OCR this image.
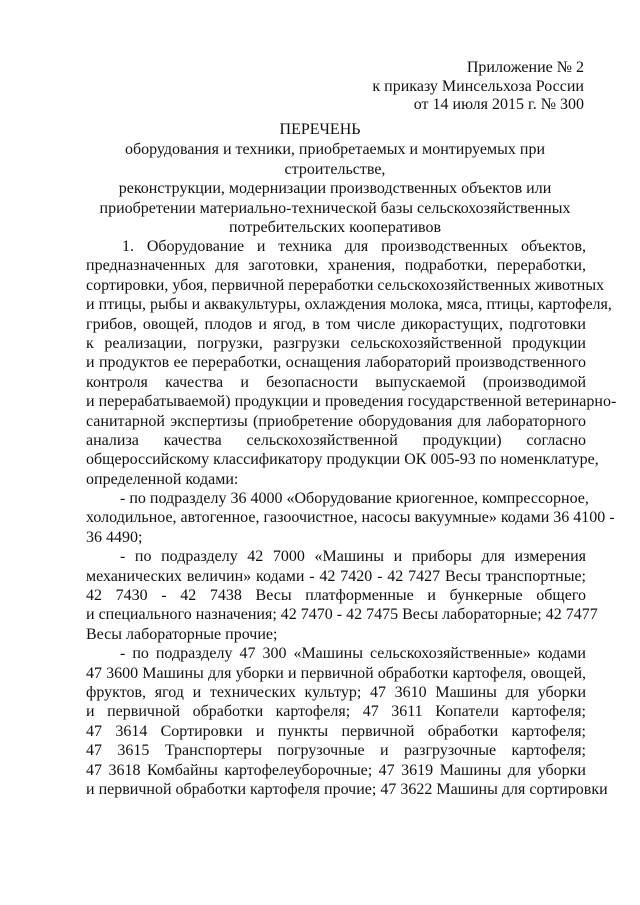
Приложение № 2
к приказу Минсельхоза России
от 14 июля 2015 г. № 300
ПЕРЕЧЕНЬ
оборудования и техники, приобретаемых и монтируемых при строительстве,
реконструкции, модернизации производственных объектов или
приобретении материально-технической базы сельскохозяйственных
потребительских кооперативов
1. Оборудование и техника для производственных объектов,
предназначенных для заготовки, хранения, подработки, переработки,
сортировки, убоя, первичной переработки сельскохозяйственных животных
и птицы, рыбы и аквакультуры, охлаждения молока, мяса, птицы, картофеля,
грибов, овощей, плодов и ягод, в том числе дикорастущих, подготовки
к реализации, погрузки, разгрузки сельскохозяйственной продукции
и продуктов ее переработки, оснащения лабораторий производственного
контроля качества и безопасности выпускаемой (производимой
и перерабатываемой) продукции и проведения государственной ветеринарно-
санитарной экспертизы (приобретение оборудования для лабораторного
анализа качества сельскохозяйственной продукции) согласно
общероссийскому классификатору продукции ОК 005-93 по номенклатуре,
определенной кодами:
- по подразделу 36 4000 «Оборудование криогенное, компрессорное,
холодильное, автогенное, газоочистное, насосы вакуумные» кодами 36 4100 -
36 4490;
- по подразделу 42 7000 «Машины и приборы для измерения
механических величин» кодами - 42 7420 - 42 7427 Весы транспортные;
42 7430 - 42 7438 Весы платформенные и бункерные общего
и специального назначения; 42 7470 - 42 7475 Весы лабораторные; 42 7477
Весы лабораторные прочие;
- по подразделу 47 300 «Машины сельскохозяйственные» кодами
47 3600 Машины для уборки и первичной обработки картофеля, овощей,
фруктов, ягод и технических культур; 47 3610 Машины для уборки
и первичной обработки картофеля; 47 3611 Копатели картофеля;
47 3614 Сортировки и пункты первичной обработки картофеля;
47 3615 Транспортеры погрузочные и разгрузочные картофеля;
47 3618 Комбайны картофелеуборочные; 47 3619 Машины для уборки
и первичной обработки картофеля прочие; 47 3622 Машины для сортировки
